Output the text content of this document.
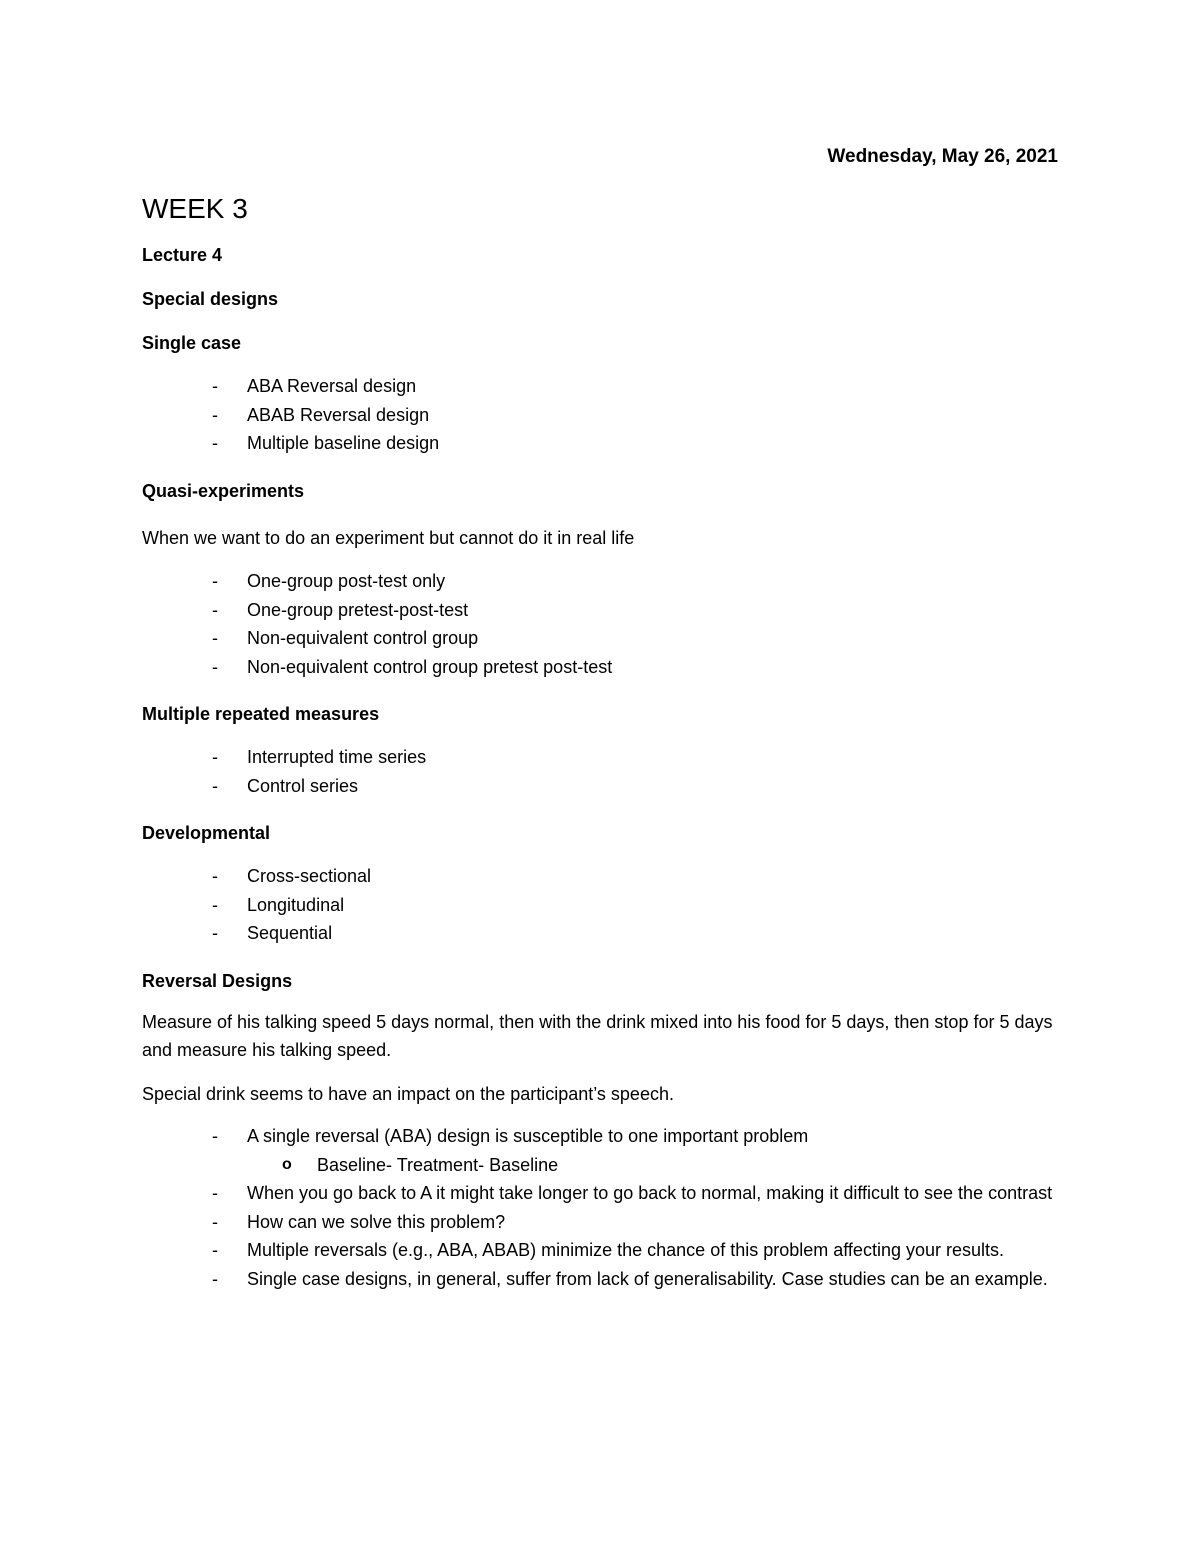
Wednesday, May 26, 2021
WEEK 3
Lecture 4
Special designs
Single case
- ABA Reversal design
- ABAB Reversal design
- Multiple baseline design
Quasi-experiments
When we want to do an experiment but cannot do it in real life
- One-group post-test only
- One-group pretest-post-test
- Non-equivalent control group
- Non-equivalent control group pretest post-test
Multiple repeated measures
- Interrupted time series
- Control series
Developmental
- Cross-sectional
- Longitudinal
- Sequential
Reversal Designs
Measure of his talking speed 5 days normal, then with the drink mixed into his food for 5 days, then stop for 5 days and measure his talking speed.
Special drink seems to have an impact on the participant’s speech.
- A single reversal (ABA) design is susceptible to one important problem
o Baseline- Treatment- Baseline
- When you go back to A it might take longer to go back to normal, making it difficult to see the contrast
- How can we solve this problem?
- Multiple reversals (e.g., ABA, ABAB) minimize the chance of this problem affecting your results.
- Single case designs, in general, suffer from lack of generalisability. Case studies can be an example.
